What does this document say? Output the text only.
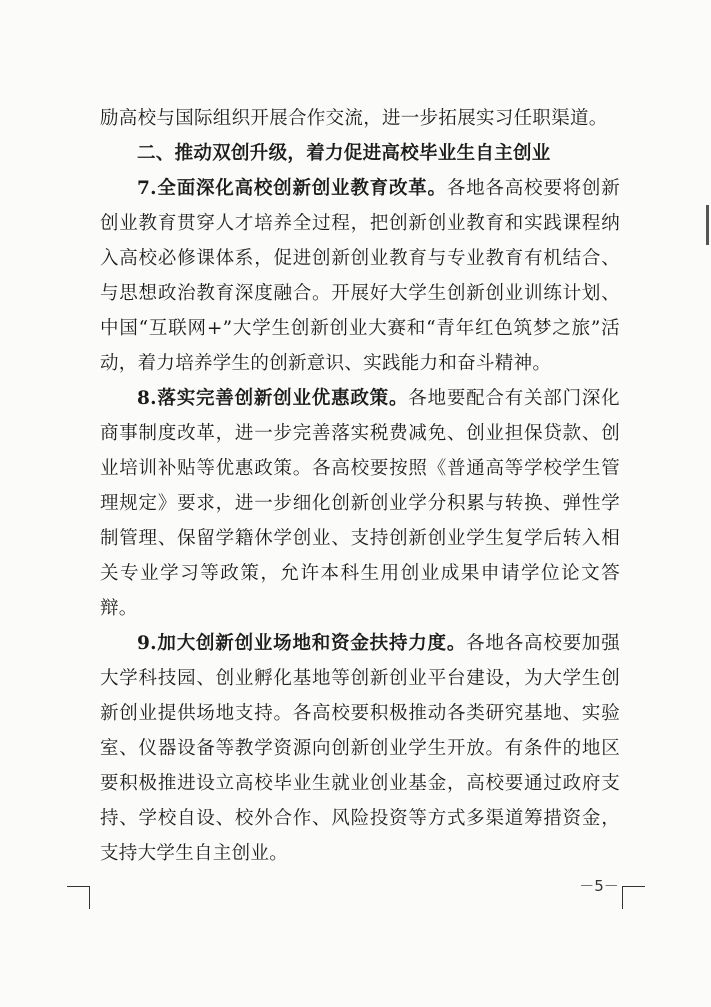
励高校与国际组织开展合作交流，进一步拓展实习任职渠道。

二、推动双创升级，着力促进高校毕业生自主创业

7.全面深化高校创新创业教育改革。各地各高校要将创新创业教育贯穿人才培养全过程，把创新创业教育和实践课程纳入高校必修课体系，促进创新创业教育与专业教育有机结合、与思想政治教育深度融合。开展好大学生创新创业训练计划、中国“互联网+”大学生创新创业大赛和“青年红色筑梦之旅”活动，着力培养学生的创新意识、实践能力和奋斗精神。

8.落实完善创新创业优惠政策。各地要配合有关部门深化商事制度改革，进一步完善落实税费减免、创业担保贷款、创业培训补贴等优惠政策。各高校要按照《普通高等学校学生管理规定》要求，进一步细化创新创业学分积累与转换、弹性学制管理、保留学籍休学创业、支持创新创业学生复学后转入相关专业学习等政策，允许本科生用创业成果申请学位论文答辩。

9.加大创新创业场地和资金扶持力度。各地各高校要加强大学科技园、创业孵化基地等创新创业平台建设，为大学生创新创业提供场地支持。各高校要积极推动各类研究基地、实验室、仪器设备等教学资源向创新创业学生开放。有条件的地区要积极推进设立高校毕业生就业创业基金，高校要通过政府支持、学校自设、校外合作、风险投资等方式多渠道筹措资金，支持大学生自主创业。

－5－
